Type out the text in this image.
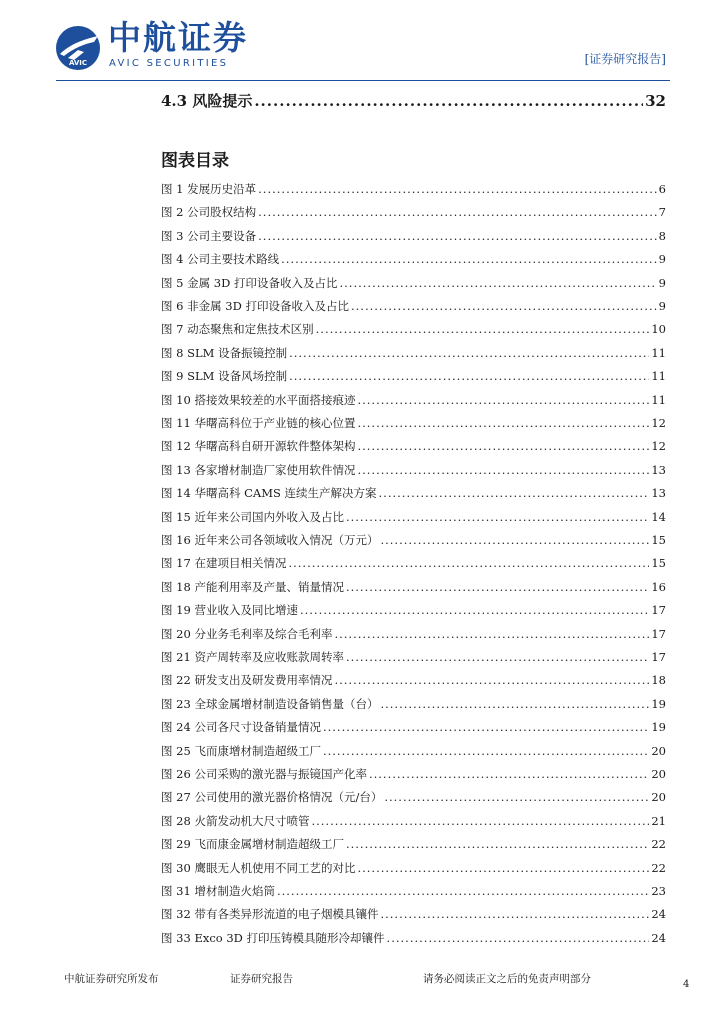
AVIC
中航证券
AVIC SECURITIES	[证券研究报告]
4.3 风险提示 .....	32
图表目录
图 1 发展历史沿革 .....	6
图 2 公司股权结构 .....	7
图 3 公司主要设备 .....	8
图 4 公司主要技术路线 .....	9
图 5 金属 3D 打印设备收入及占比 .....	9
图 6 非金属 3D 打印设备收入及占比 .....	9
图 7 动态聚焦和定焦技术区别 .....	10
图 8 SLM 设备振镜控制 .....	11
图 9 SLM 设备风场控制 .....	11
图 10 搭接效果较差的水平面搭接痕迹 .....	11
图 11 华曙高科位于产业链的核心位置 .....	12
图 12 华曙高科自研开源软件整体架构 .....	12
图 13 各家增材制造厂家使用软件情况 .....	13
图 14 华曙高科 CAMS 连续生产解决方案 .....	13
图 15 近年来公司国内外收入及占比 .....	14
图 16 近年来公司各领域收入情况（万元） .....	15
图 17 在建项目相关情况 .....	15
图 18 产能利用率及产量、销量情况 .....	16
图 19 营业收入及同比增速 .....	17
图 20 分业务毛利率及综合毛利率 .....	17
图 21 资产周转率及应收账款周转率 .....	17
图 22 研发支出及研发费用率情况 .....	18
图 23 全球金属增材制造设备销售量（台） .....	19
图 24 公司各尺寸设备销量情况 .....	19
图 25 飞而康增材制造超级工厂 .....	20
图 26 公司采购的激光器与振镜国产化率 .....	20
图 27 公司使用的激光器价格情况（元/台） .....	20
图 28 火箭发动机大尺寸喷管 .....	21
图 29 飞而康金属增材制造超级工厂 .....	22
图 30 鹰眼无人机使用不同工艺的对比 .....	22
图 31 增材制造火焰筒 .....	23
图 32 带有各类异形流道的电子烟模具镶件 .....	24
图 33 Exco 3D 打印压铸模具随形冷却镶件 .....	24
中航证券研究所发布	证券研究报告	请务必阅读正文之后的免责声明部分	4
